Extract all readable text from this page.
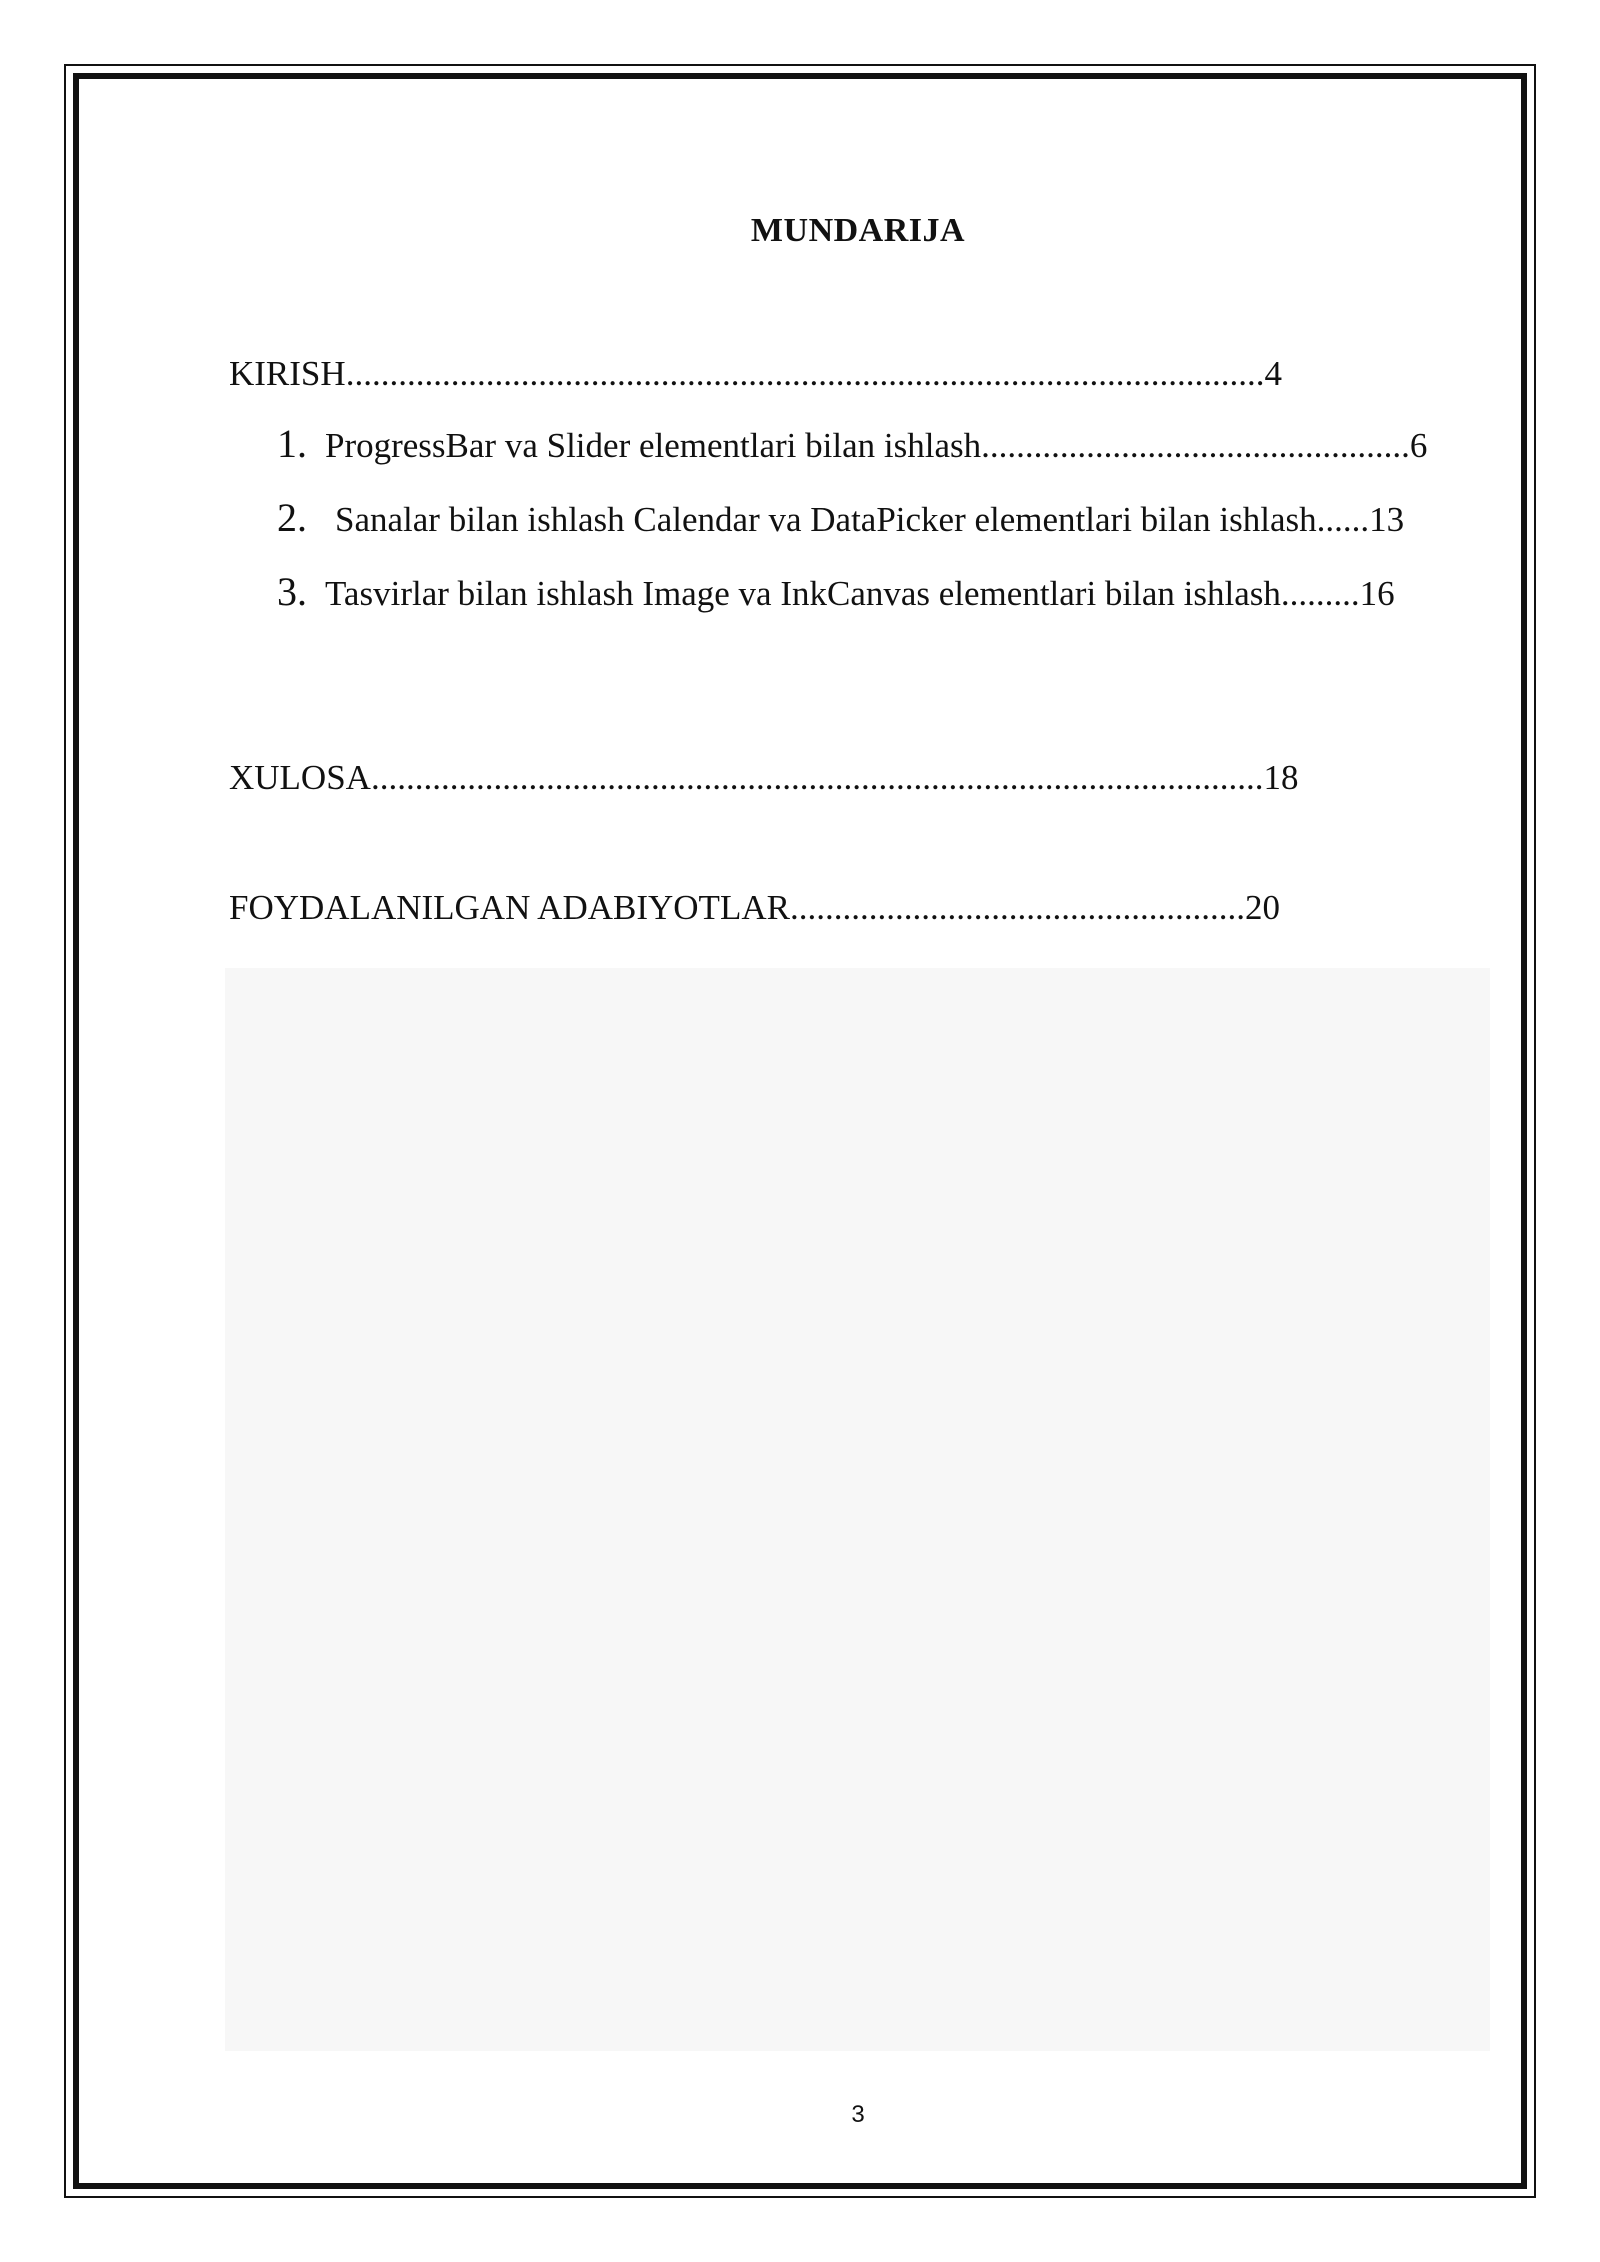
MUNDARIJA
KIRISH.........................................................................................................4
1. ProgressBar va Slider elementlari bilan ishlash.................................................6
2. Sanalar bilan ishlash Calendar va DataPicker elementlari bilan ishlash......13
3. Tasvirlar bilan ishlash Image va InkCanvas elementlari bilan ishlash.........16
XULOSA......................................................................................................18
FOYDALANILGAN ADABIYOTLAR....................................................20
3
